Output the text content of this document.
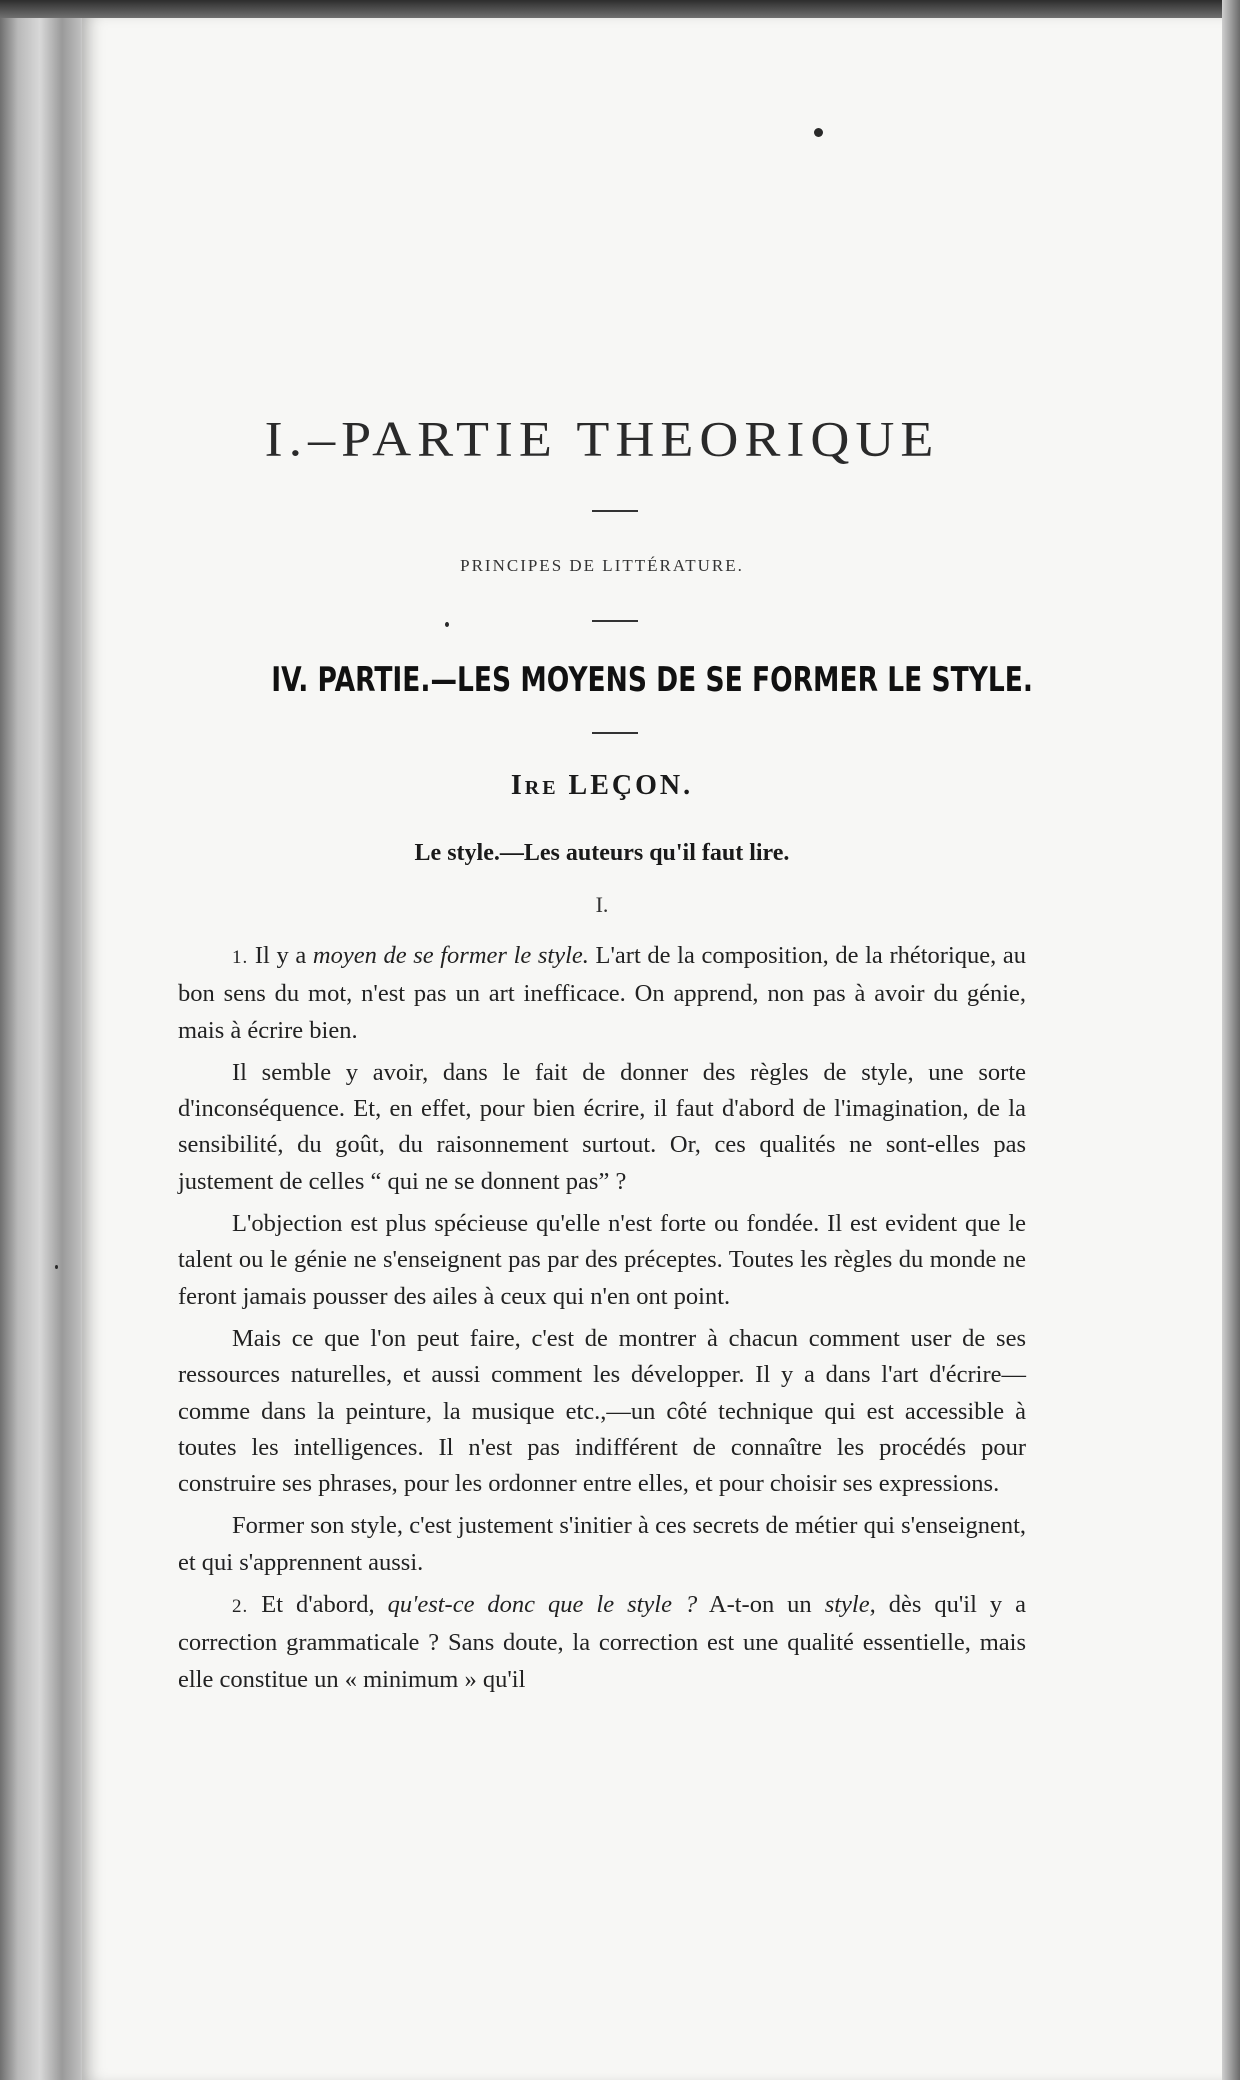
I.–PARTIE THEORIQUE

PRINCIPES DE LITTÉRATURE.

IV. PARTIE.—LES MOYENS DE SE FORMER LE STYLE.
Ire LEÇON.
Le style.—Les auteurs qu'il faut lire.
I.

1. Il y a moyen de se former le style. L'art de la composition, de la rhétorique, au bon sens du mot, n'est pas un art inefficace. On apprend, non pas à avoir du génie, mais à écrire bien.

Il semble y avoir, dans le fait de donner des règles de style, une sorte d'inconséquence. Et, en effet, pour bien écrire, il faut d'abord de l'imagination, de la sensibilité, du goût, du raisonnement surtout. Or, ces qualités ne sont-elles pas justement de celles “ qui ne se donnent pas” ?

L'objection est plus spécieuse qu'elle n'est forte ou fondée. Il est evident que le talent ou le génie ne s'enseignent pas par des préceptes. Toutes les règles du monde ne feront jamais pousser des ailes à ceux qui n'en ont point.

Mais ce que l'on peut faire, c'est de montrer à chacun comment user de ses ressources naturelles, et aussi comment les développer. Il y a dans l'art d'écrire—comme dans la peinture, la musique etc.,—un côté technique qui est accessible à toutes les intelligences. Il n'est pas indifférent de connaître les procédés pour construire ses phrases, pour les ordonner entre elles, et pour choisir ses expressions.

Former son style, c'est justement s'initier à ces secrets de métier qui s'enseignent, et qui s'apprennent aussi.

2. Et d'abord, qu'est-ce donc que le style ? A-t-on un style, dès qu'il y a correction grammaticale ? Sans doute, la correction est une qualité essentielle, mais elle constitue un « minimum » qu'il
